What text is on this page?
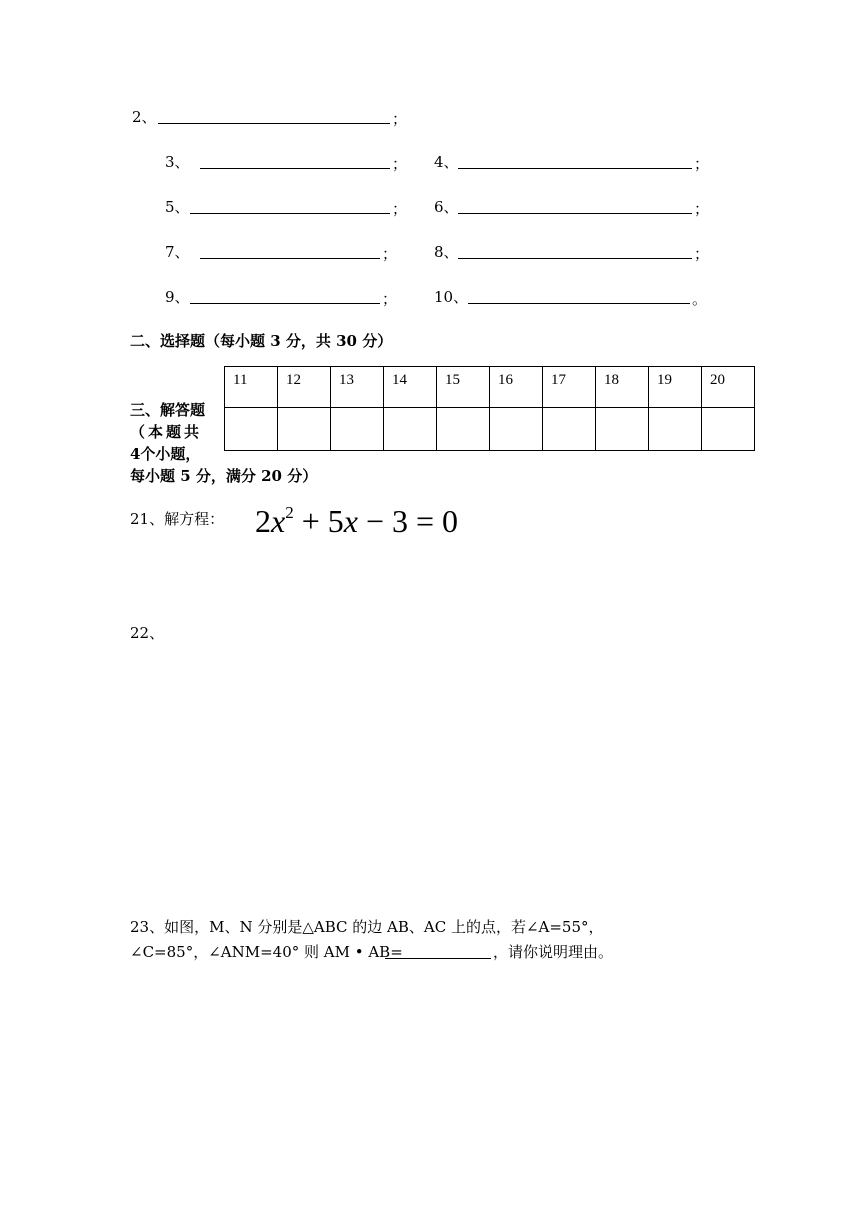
2、	；
3、	； 4、	；
5、	； 6、	；
7、	； 8、	；
9、	； 10、	。
二、选择题（每小题 3 分，共 30 分）
11	12	13	14	15	16	17	18	19	20

三、解答题
（本题共
4个小题，
每小题 5 分，满分 20 分）
21、解方程： $2x^2 + 5x - 3 = 0$
22、
23、如图，M、N 分别是△ABC 的边 AB、AC 上的点，若∠A=55°，
∠C=85°，∠ANM=40° 则 AM • AB=	，请你说明理由。
